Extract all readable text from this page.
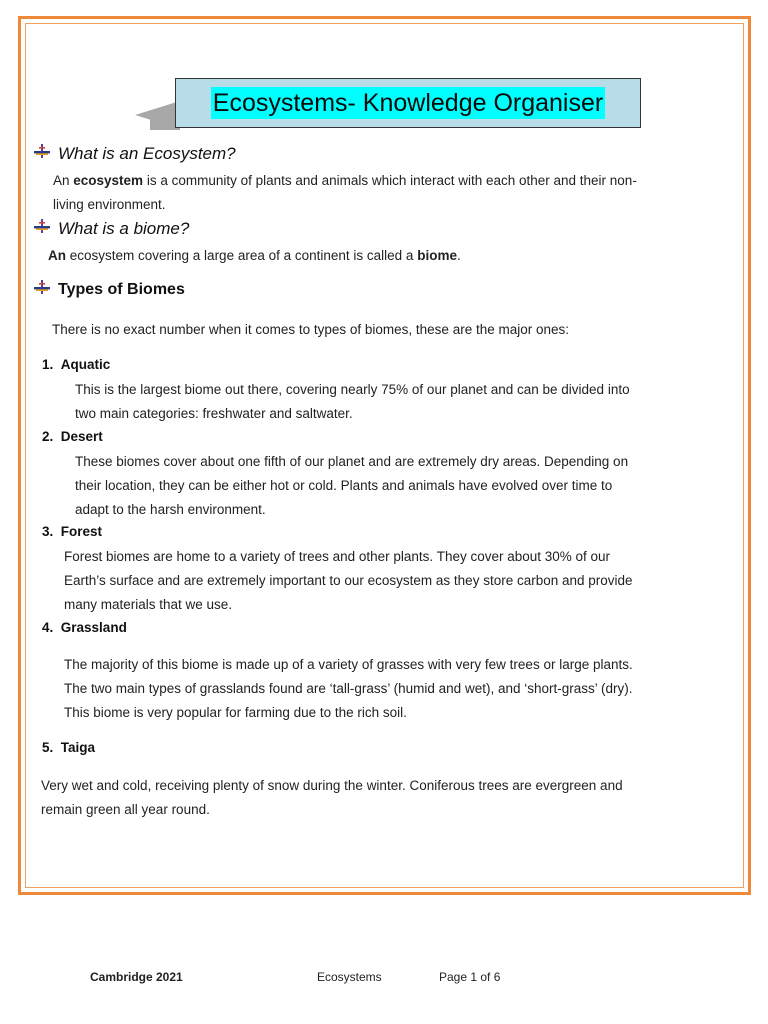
Ecosystems- Knowledge Organiser
What is an Ecosystem?
An ecosystem is a community of plants and animals which interact with each other and their non-
living environment.
What is a biome?
An ecosystem covering a large area of a continent is called a biome.
Types of Biomes
There is no exact number when it comes to types of biomes, these are the major ones:
1. Aquatic
This is the largest biome out there, covering nearly 75% of our planet and can be divided into
two main categories: freshwater and saltwater.
2. Desert
These biomes cover about one fifth of our planet and are extremely dry areas. Depending on
their location, they can be either hot or cold. Plants and animals have evolved over time to
adapt to the harsh environment.
3. Forest
Forest biomes are home to a variety of trees and other plants. They cover about 30% of our
Earth’s surface and are extremely important to our ecosystem as they store carbon and provide
many materials that we use.
4. Grassland
The majority of this biome is made up of a variety of grasses with very few trees or large plants.
The two main types of grasslands found are ‘tall-grass’ (humid and wet), and ‘short-grass’ (dry).
This biome is very popular for farming due to the rich soil.
5. Taiga
Very wet and cold, receiving plenty of snow during the winter. Coniferous trees are evergreen and
remain green all year round.
Cambridge 2021	Ecosystems	Page 1 of 6
